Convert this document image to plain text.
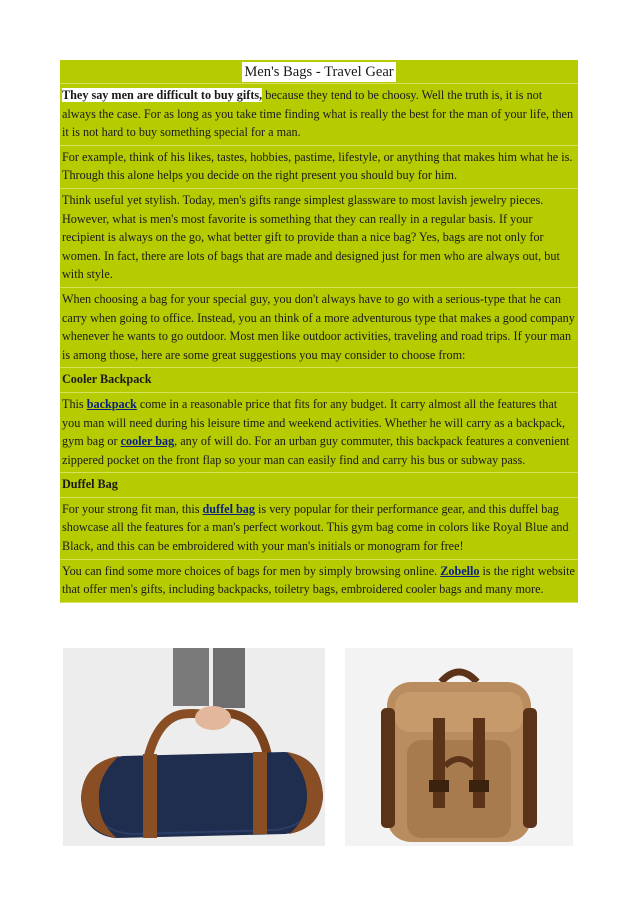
Men's Bags - Travel Gear
They say men are difficult to buy gifts, because they tend to be choosy. Well the truth is, it is not always the case. For as long as you take time finding what is really the best for the man of your life, then it is not hard to buy something special for a man.
For example, think of his likes, tastes, hobbies, pastime, lifestyle, or anything that makes him what he is. Through this alone helps you decide on the right present you should buy for him.
Think useful yet stylish. Today, men's gifts range simplest glassware to most lavish jewelry pieces. However, what is men's most favorite is something that they can really in a regular basis. If your recipient is always on the go, what better gift to provide than a nice bag? Yes, bags are not only for women. In fact, there are lots of bags that are made and designed just for men who are always out, but with style.
When choosing a bag for your special guy, you don't always have to go with a serious-type that he can carry when going to office. Instead, you an think of a more adventurous type that makes a good company whenever he wants to go outdoor. Most men like outdoor activities, traveling and road trips. If your man is among those, here are some great suggestions you may consider to choose from:
Cooler Backpack
This backpack come in a reasonable price that fits for any budget. It carry almost all the features that you man will need during his leisure time and weekend activities. Whether he will carry as a backpack, gym bag or cooler bag, any of will do. For an urban guy commuter, this backpack features a convenient zippered pocket on the front flap so your man can easily find and carry his bus or subway pass.
Duffel Bag
For your strong fit man, this duffel bag is very popular for their performance gear, and this duffel bag showcase all the features for a man's perfect workout. This gym bag come in colors like Royal Blue and Black, and this can be embroidered with your man's initials or monogram for free!
You can find some more choices of bags for men by simply browsing online. Zobello is the right website that offer men's gifts, including backpacks, toiletry bags, embroidered cooler bags and many more.
